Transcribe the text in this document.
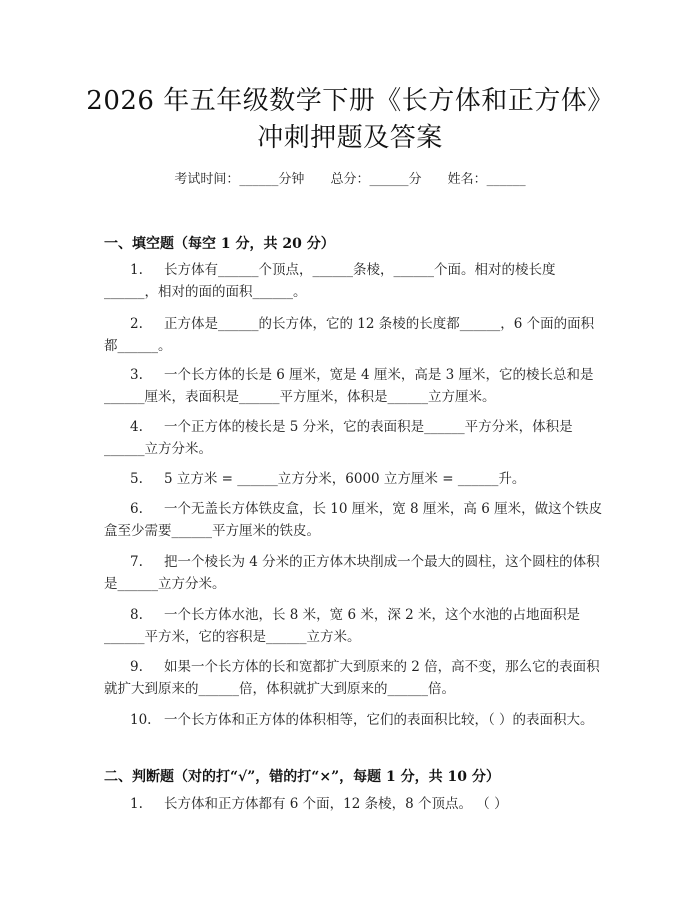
2026 年五年级数学下册《长方体和正方体》
冲刺押题及答案
考试时间：______分钟 总分：______分 姓名：______
一、填空题（每空 1 分，共 20 分）
1. 长方体有______个顶点，______条棱，______个面。相对的棱长度______，相对的面的面积______。
2. 正方体是______的长方体，它的 12 条棱的长度都______，6 个面的面积都______。
3. 一个长方体的长是 6 厘米，宽是 4 厘米，高是 3 厘米，它的棱长总和是______厘米，表面积是______平方厘米，体积是______立方厘米。
4. 一个正方体的棱长是 5 分米，它的表面积是______平方分米，体积是______立方分米。
5. 5 立方米 = ______立方分米，6000 立方厘米 = ______升。
6. 一个无盖长方体铁皮盒，长 10 厘米，宽 8 厘米，高 6 厘米，做这个铁皮盒至少需要______平方厘米的铁皮。
7. 把一个棱长为 4 分米的正方体木块削成一个最大的圆柱，这个圆柱的体积是______立方分米。
8. 一个长方体水池，长 8 米，宽 6 米，深 2 米，这个水池的占地面积是______平方米，它的容积是______立方米。
9. 如果一个长方体的长和宽都扩大到原来的 2 倍，高不变，那么它的表面积就扩大到原来的______倍，体积就扩大到原来的______倍。
10. 一个长方体和正方体的体积相等，它们的表面积比较，（ ）的表面积大。
二、判断题（对的打“√”，错的打“×”，每题 1 分，共 10 分）
1. 长方体和正方体都有 6 个面，12 条棱，8 个顶点。 （ ）
